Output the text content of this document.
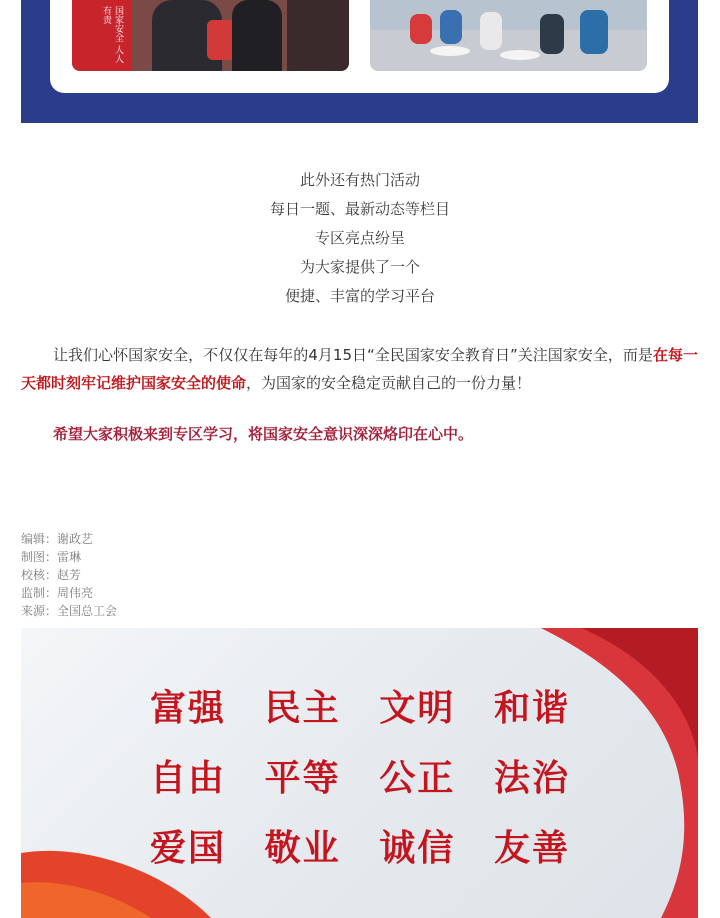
国家安全 人人有责
此外还有热门活动
每日一题、最新动态等栏目
专区亮点纷呈
为大家提供了一个
便捷、丰富的学习平台
让我们心怀国家安全，不仅仅在每年的4月15日“全民国家安全教育日”关注国家安全，而是在每一天都时刻牢记维护国家安全的使命，为国家的安全稳定贡献自己的一份力量！
希望大家积极来到专区学习，将国家安全意识深深烙印在心中。
编辑：谢政艺
制图：雷琳
校核：赵芳
监制：周伟亮
来源：全国总工会
富强 民主 文明 和谐
自由 平等 公正 法治
爱国 敬业 诚信 友善
